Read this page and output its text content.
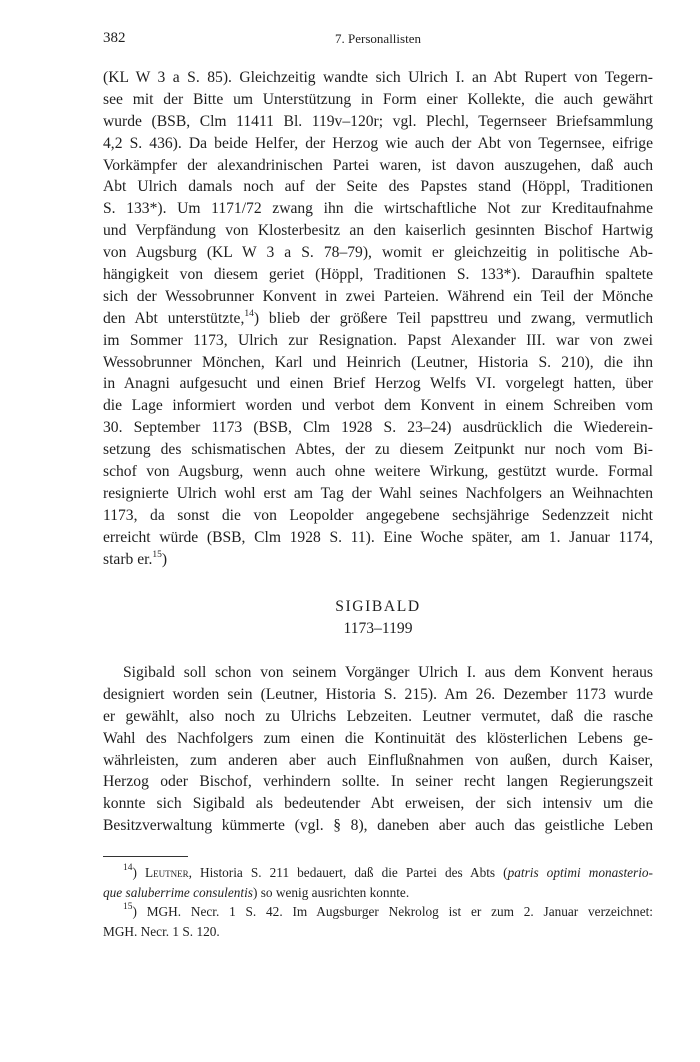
382	7. Personallisten
(KL W 3 a S. 85). Gleichzeitig wandte sich Ulrich I. an Abt Rupert von Tegern-
see mit der Bitte um Unterstützung in Form einer Kollekte, die auch gewährt
wurde (BSB, Clm 11411 Bl. 119v–120r; vgl. Plechl, Tegernseer Briefsammlung
4,2 S. 436). Da beide Helfer, der Herzog wie auch der Abt von Tegernsee, eifrige
Vorkämpfer der alexandrinischen Partei waren, ist davon auszugehen, daß auch
Abt Ulrich damals noch auf der Seite des Papstes stand (Höppl, Traditionen
S. 133*). Um 1171/72 zwang ihn die wirtschaftliche Not zur Kreditaufnahme
und Verpfändung von Klosterbesitz an den kaiserlich gesinnten Bischof Hartwig
von Augsburg (KL W 3 a S. 78–79), womit er gleichzeitig in politische Ab-
hängigkeit von diesem geriet (Höppl, Traditionen S. 133*). Daraufhin spaltete
sich der Wessobrunner Konvent in zwei Parteien. Während ein Teil der Mönche
den Abt unterstützte,$^{14}$) blieb der größere Teil papsttreu und zwang, vermutlich
im Sommer 1173, Ulrich zur Resignation. Papst Alexander III. war von zwei
Wessobrunner Mönchen, Karl und Heinrich (Leutner, Historia S. 210), die ihn
in Anagni aufgesucht und einen Brief Herzog Welfs VI. vorgelegt hatten, über
die Lage informiert worden und verbot dem Konvent in einem Schreiben vom
30. September 1173 (BSB, Clm 1928 S. 23–24) ausdrücklich die Wiederein-
setzung des schismatischen Abtes, der zu diesem Zeitpunkt nur noch vom Bi-
schof von Augsburg, wenn auch ohne weitere Wirkung, gestützt wurde. Formal
resignierte Ulrich wohl erst am Tag der Wahl seines Nachfolgers an Weihnachten
1173, da sonst die von Leopolder angegebene sechsjährige Sedenzzeit nicht
erreicht würde (BSB, Clm 1928 S. 11). Eine Woche später, am 1. Januar 1174,
starb er.$^{15}$)
SIGIBALD
1173–1199
Sigibald soll schon von seinem Vorgänger Ulrich I. aus dem Konvent heraus
designiert worden sein (Leutner, Historia S. 215). Am 26. Dezember 1173 wurde
er gewählt, also noch zu Ulrichs Lebzeiten. Leutner vermutet, daß die rasche
Wahl des Nachfolgers zum einen die Kontinuität des klösterlichen Lebens ge-
währleisten, zum anderen aber auch Einflußnahmen von außen, durch Kaiser,
Herzog oder Bischof, verhindern sollte. In seiner recht langen Regierungszeit
konnte sich Sigibald als bedeutender Abt erweisen, der sich intensiv um die
Besitzverwaltung kümmerte (vgl. § 8), daneben aber auch das geistliche Leben
$^{14}$) Leutner, Historia S. 211 bedauert, daß die Partei des Abts (patris optimi monasterio-
que saluberrime consulentis) so wenig ausrichten konnte.
$^{15}$) MGH. Necr. 1 S. 42. Im Augsburger Nekrolog ist er zum 2. Januar verzeichnet:
MGH. Necr. 1 S. 120.
